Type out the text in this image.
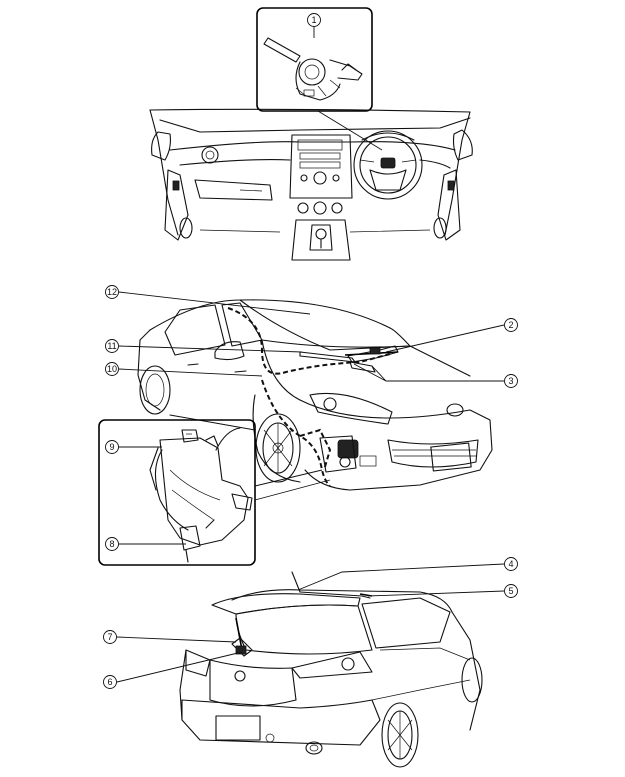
1
12
2
11
10
3
9
8
4
5
7
6
